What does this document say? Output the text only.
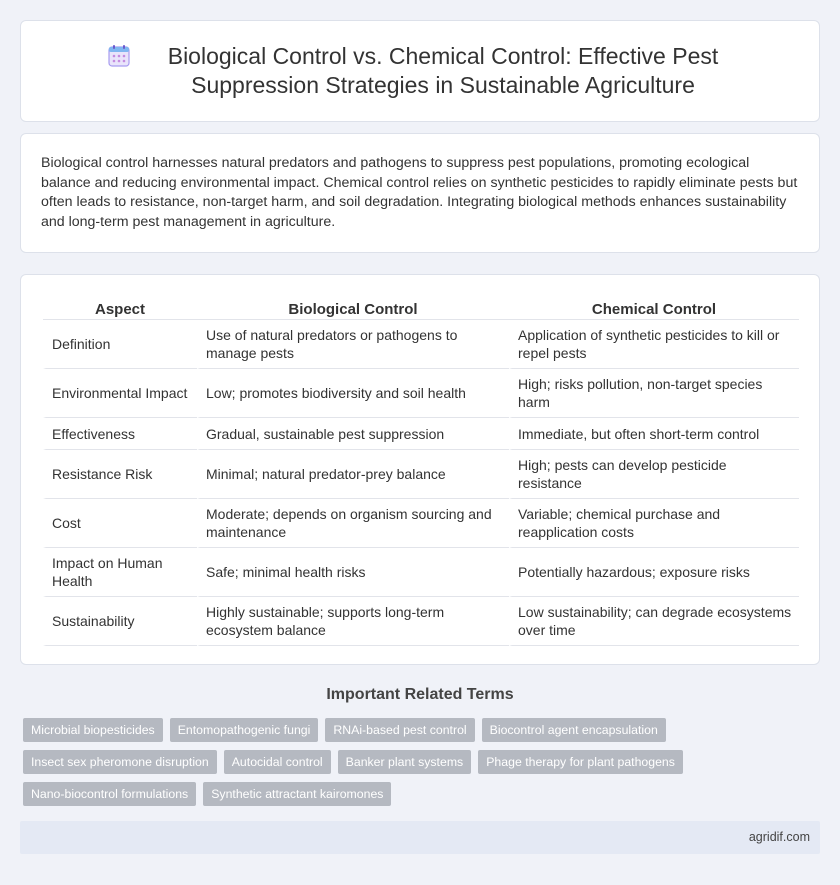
Biological Control vs. Chemical Control: Effective Pest Suppression Strategies in Sustainable Agriculture

Biological control harnesses natural predators and pathogens to suppress pest populations, promoting ecological balance and reducing environmental impact. Chemical control relies on synthetic pesticides to rapidly eliminate pests but often leads to resistance, non-target harm, and soil degradation. Integrating biological methods enhances sustainability and long-term pest management in agriculture.

Aspect	Biological Control	Chemical Control
Definition	Use of natural predators or pathogens to manage pests	Application of synthetic pesticides to kill or repel pests
Environmental Impact	Low; promotes biodiversity and soil health	High; risks pollution, non-target species harm
Effectiveness	Gradual, sustainable pest suppression	Immediate, but often short-term control
Resistance Risk	Minimal; natural predator-prey balance	High; pests can develop pesticide resistance
Cost	Moderate; depends on organism sourcing and maintenance	Variable; chemical purchase and reapplication costs
Impact on Human Health	Safe; minimal health risks	Potentially hazardous; exposure risks
Sustainability	Highly sustainable; supports long-term ecosystem balance	Low sustainability; can degrade ecosystems over time
Important Related Terms
Microbial biopesticides	Entomopathogenic fungi	RNAi-based pest control	Biocontrol agent encapsulation
Insect sex pheromone disruption	Autocidal control	Banker plant systems	Phage therapy for plant pathogens
Nano-biocontrol formulations	Synthetic attractant kairomones
agridif.com
